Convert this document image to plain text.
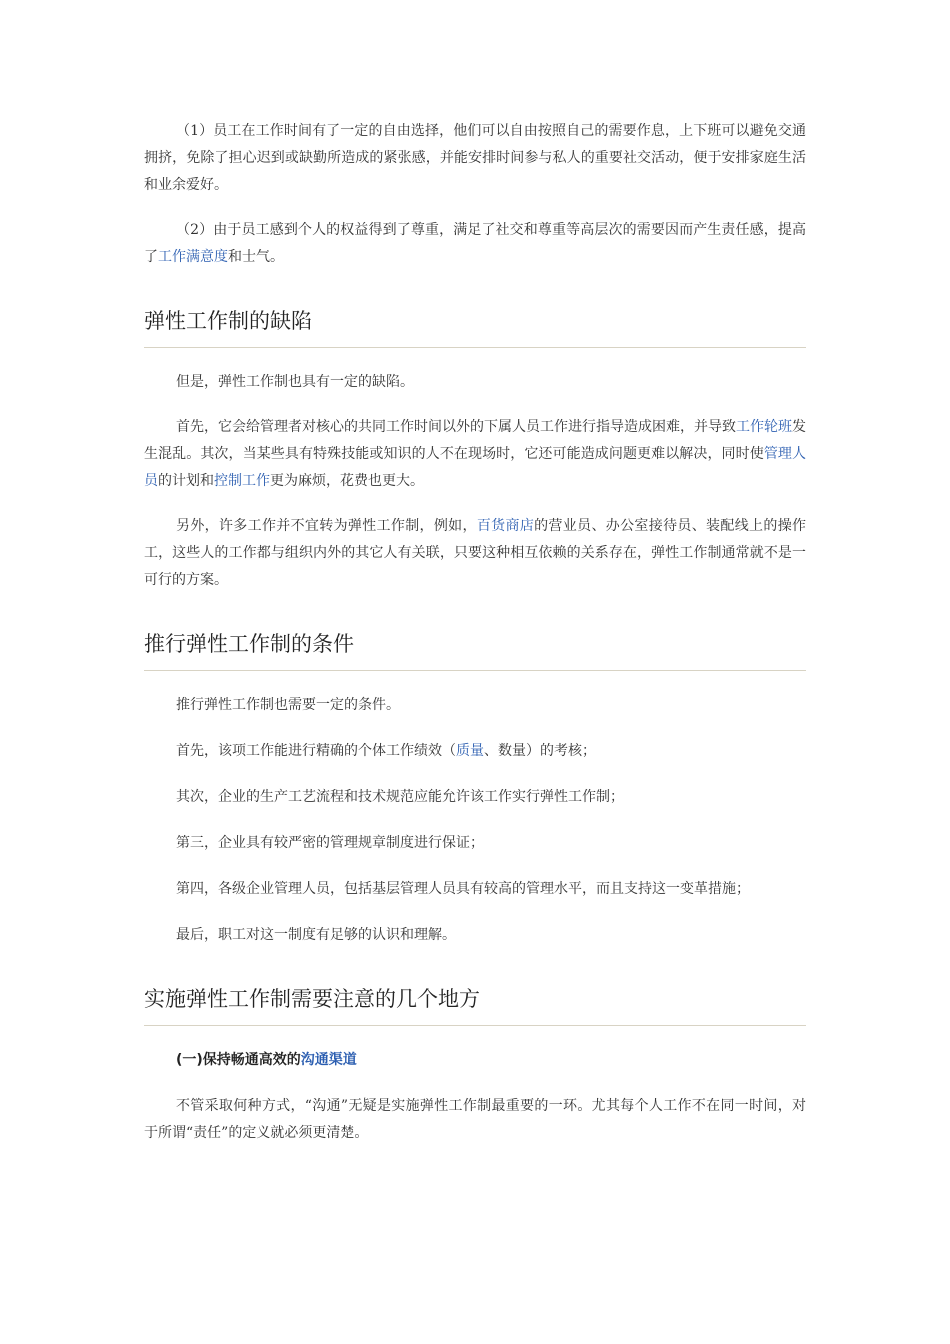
（1）员工在工作时间有了一定的自由选择，他们可以自由按照自己的需要作息，上下班可以避免交通拥挤，免除了担心迟到或缺勤所造成的紧张感，并能安排时间参与私人的重要社交活动，便于安排家庭生活和业余爱好。

（2）由于员工感到个人的权益得到了尊重，满足了社交和尊重等高层次的需要因而产生责任感，提高了工作满意度和士气。

弹性工作制的缺陷

但是，弹性工作制也具有一定的缺陷。

首先，它会给管理者对核心的共同工作时间以外的下属人员工作进行指导造成困难，并导致工作轮班发生混乱。其次，当某些具有特殊技能或知识的人不在现场时，它还可能造成问题更难以解决，同时使管理人员的计划和控制工作更为麻烦，花费也更大。

另外，许多工作并不宜转为弹性工作制，例如，百货商店的营业员、办公室接待员、装配线上的操作工，这些人的工作都与组织内外的其它人有关联，只要这种相互依赖的关系存在，弹性工作制通常就不是一可行的方案。

推行弹性工作制的条件

推行弹性工作制也需要一定的条件。

首先，该项工作能进行精确的个体工作绩效（质量、数量）的考核；

其次，企业的生产工艺流程和技术规范应能允许该工作实行弹性工作制；

第三，企业具有较严密的管理规章制度进行保证；

第四，各级企业管理人员，包括基层管理人员具有较高的管理水平，而且支持这一变革措施；

最后，职工对这一制度有足够的认识和理解。

实施弹性工作制需要注意的几个地方

(一)保持畅通高效的沟通渠道

不管采取何种方式，“沟通”无疑是实施弹性工作制最重要的一环。尤其每个人工作不在同一时间，对于所谓“责任”的定义就必须更清楚。
